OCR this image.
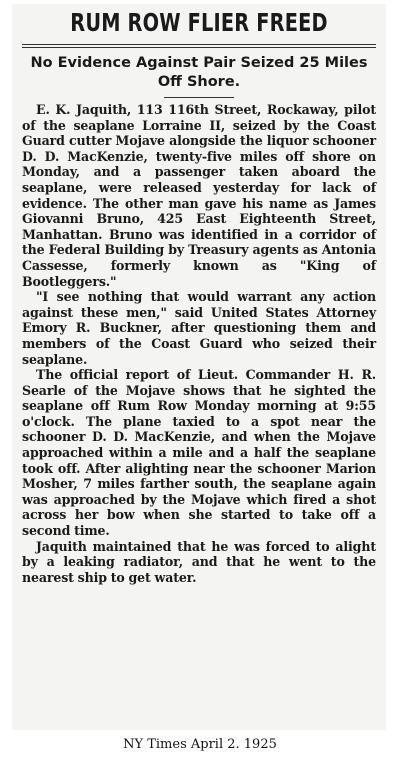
RUM ROW FLIER FREED
No Evidence Against Pair Seized 25 Miles Off Shore.

E. K. Jaquith, 113 116th Street, Rockaway, pilot of the seaplane Lorraine II, seized by the Coast Guard cutter Mojave alongside the liquor schooner D. D. MacKenzie, twenty-five miles off shore on Monday, and a passenger taken aboard the seaplane, were released yesterday for lack of evidence. The other man gave his name as James Giovanni Bruno, 425 East Eighteenth Street, Manhattan. Bruno was identified in a corridor of the Federal Building by Treasury agents as Antonia Cassesse, formerly known as "King of Bootleggers."

"I see nothing that would warrant any action against these men," said United States Attorney Emory R. Buckner, after questioning them and members of the Coast Guard who seized their seaplane.

The official report of Lieut. Commander H. R. Searle of the Mojave shows that he sighted the seaplane off Rum Row Monday morning at 9:55 o'clock. The plane taxied to a spot near the schooner D. D. MacKenzie, and when the Mojave approached within a mile and a half the seaplane took off. After alighting near the schooner Marion Mosher, 7 miles farther south, the seaplane again was approached by the Mojave which fired a shot across her bow when she started to take off a second time.

Jaquith maintained that he was forced to alight by a leaking radiator, and that he went to the nearest ship to get water.

NY Times April 2. 1925
